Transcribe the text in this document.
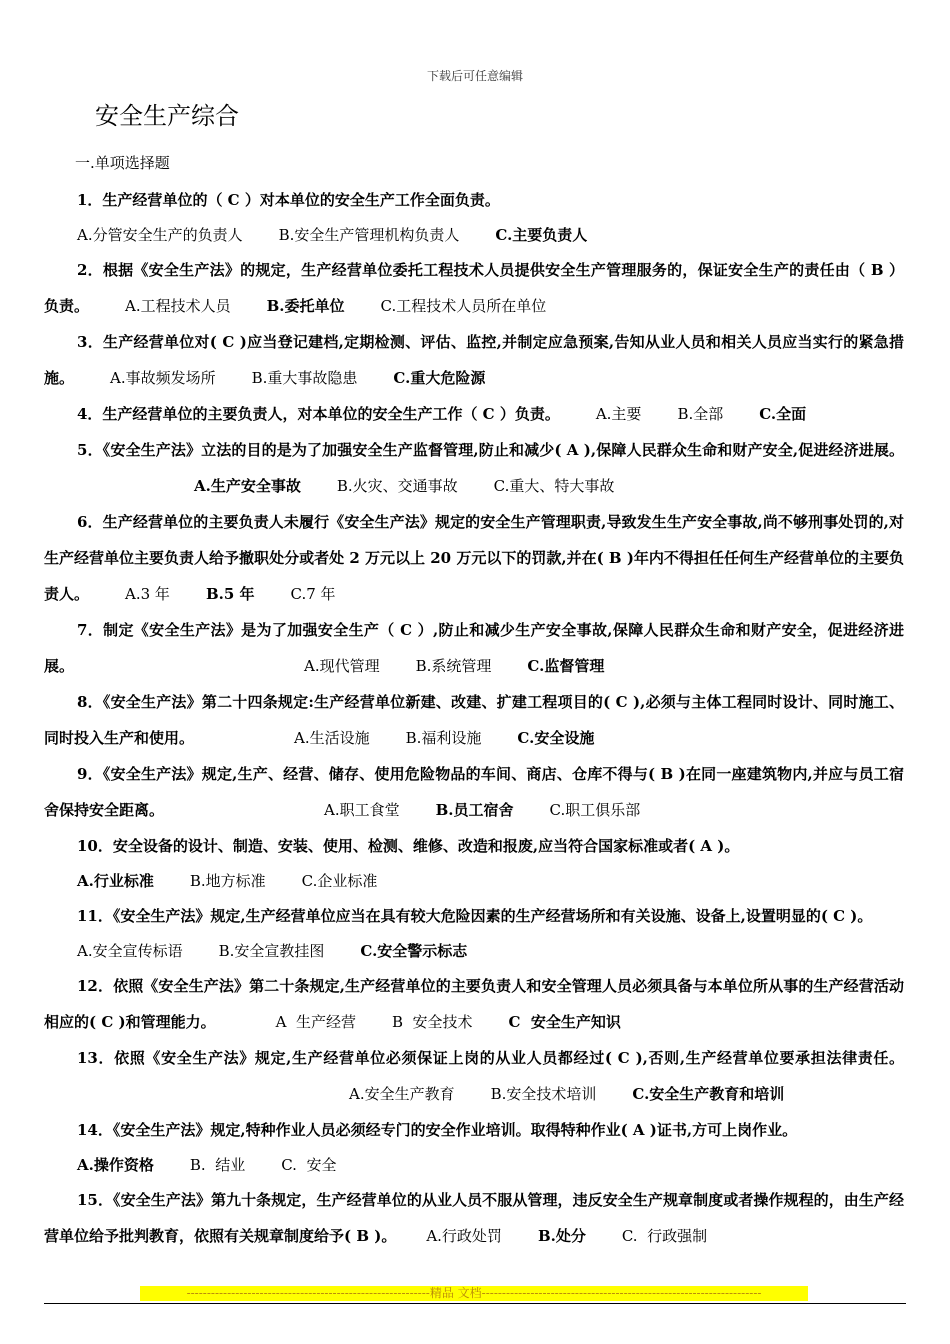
下载后可任意编辑
安全生产综合
一.单项选择题

1．生产经营单位的（ C ）对本单位的安全生产工作全面负责。

A.分管安全生产的负责人 B.安全生产管理机构负责人 C.主要负责人

2．根据《安全生产法》的规定，生产经营单位委托工程技术人员提供安全生产管理服务的，保证安全生产的责任由（ B ）负责。 A.工程技术人员 B.委托单位 C.工程技术人员所在单位

3．生产经营单位对( C )应当登记建档,定期检测、评估、监控,并制定应急预案,告知从业人员和相关人员应当实行的紧急措施。 A.事故频发场所 B.重大事故隐患 C.重大危险源

4．生产经营单位的主要负责人，对本单位的安全生产工作（ C ）负责。 A.主要 B.全部 C.全面

5．《安全生产法》立法的目的是为了加强安全生产监督管理,防止和减少( A ),保障人民群众生命和财产安全,促进经济进展。A.生产安全事故 B.火灾、交通事故 C.重大、特大事故

6．生产经营单位的主要负责人未履行《安全生产法》规定的安全生产管理职责,导致发生生产安全事故,尚不够刑事处罚的,对生产经营单位主要负责人给予撤职处分或者处 2 万元以上 20 万元以下的罚款,并在( B )年内不得担任任何生产经营单位的主要负责人。 A.3 年 B.5 年 C.7 年

7．制定《安全生产法》是为了加强安全生产（ C ）,防止和减少生产安全事故,保障人民群众生命和财产安全，促进经济进展。	A.现代管理 B.系统管理 C.监督管理

8．《安全生产法》第二十四条规定:生产经营单位新建、改建、扩建工程项目的( C ),必须与主体工程同时设计、同时施工、同时投入生产和使用。	A.生活设施 B.福利设施 C.安全设施

9．《安全生产法》规定,生产、经营、储存、使用危险物品的车间、商店、仓库不得与( B )在同一座建筑物内,并应与员工宿舍保持安全距离。	A.职工食堂 B.员工宿舍 C.职工俱乐部

10．安全设备的设计、制造、安装、使用、检测、维修、改造和报废,应当符合国家标准或者( A )。

A.行业标准 B.地方标准 C.企业标准

11．《安全生产法》规定,生产经营单位应当在具有较大危险因素的生产经营场所和有关设施、设备上,设置明显的( C )。

A.安全宣传标语 B.安全宣教挂图 C.安全警示标志

12．依照《安全生产法》第二十条规定,生产经营单位的主要负责人和安全管理人员必须具备与本单位所从事的生产经营活动相应的( C )和管理能力。	A  生产经营 B  安全技术 C  安全生产知识

13．依照《安全生产法》规定,生产经营单位必须保证上岗的从业人员都经过( C ),否则,生产经营单位要承担法律责任。A.安全生产教育 B.安全技术培训 C.安全生产教育和培训

14．《安全生产法》规定,特种作业人员必须经专门的安全作业培训。取得特种作业( A )证书,方可上岗作业。

A.操作资格 B.  结业 C.  安全

15．《安全生产法》第九十条规定，生产经营单位的从业人员不服从管理，违反安全生产规章制度或者操作规程的，由生产经营单位给予批判教育，依照有关规章制度给予( B )。 A.行政处罚 B.处分 C.  行政强制

------------------------------------------------------------精品 文档---------------------------------------------------------------------
